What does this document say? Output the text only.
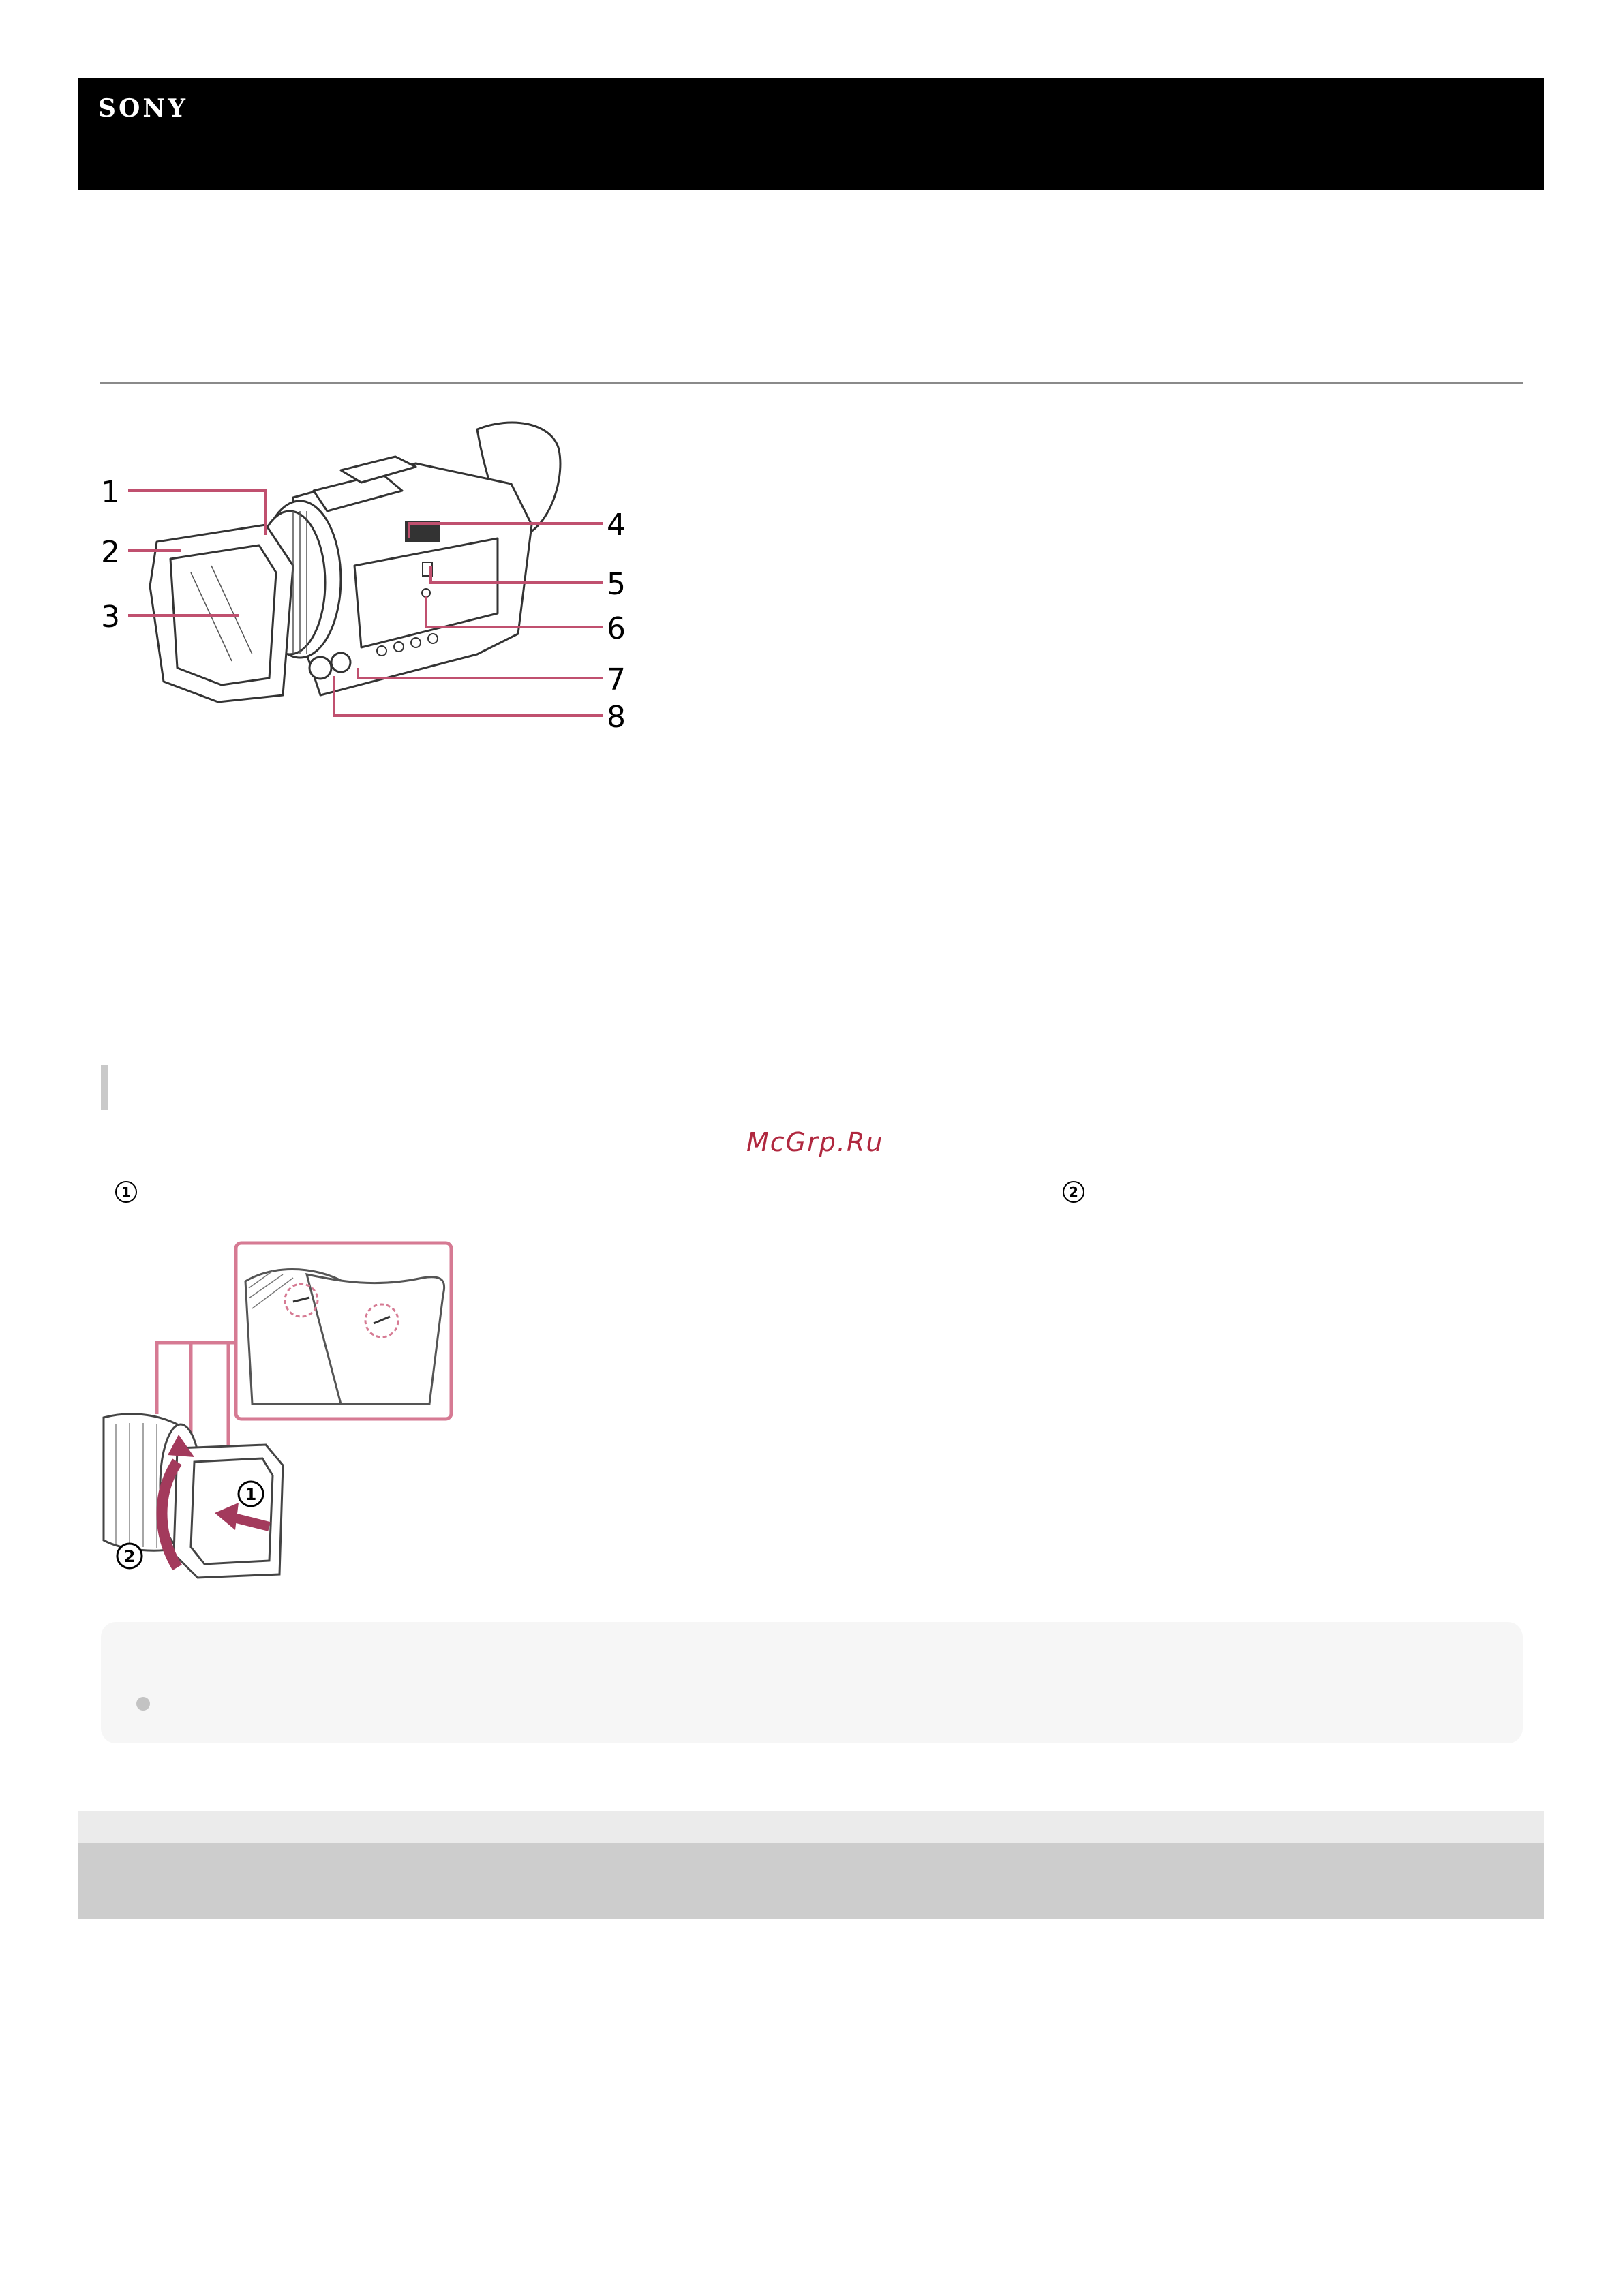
SONY
1
2
3
4
5
6
7
8
McGrp.Ru
1	2
1
2
